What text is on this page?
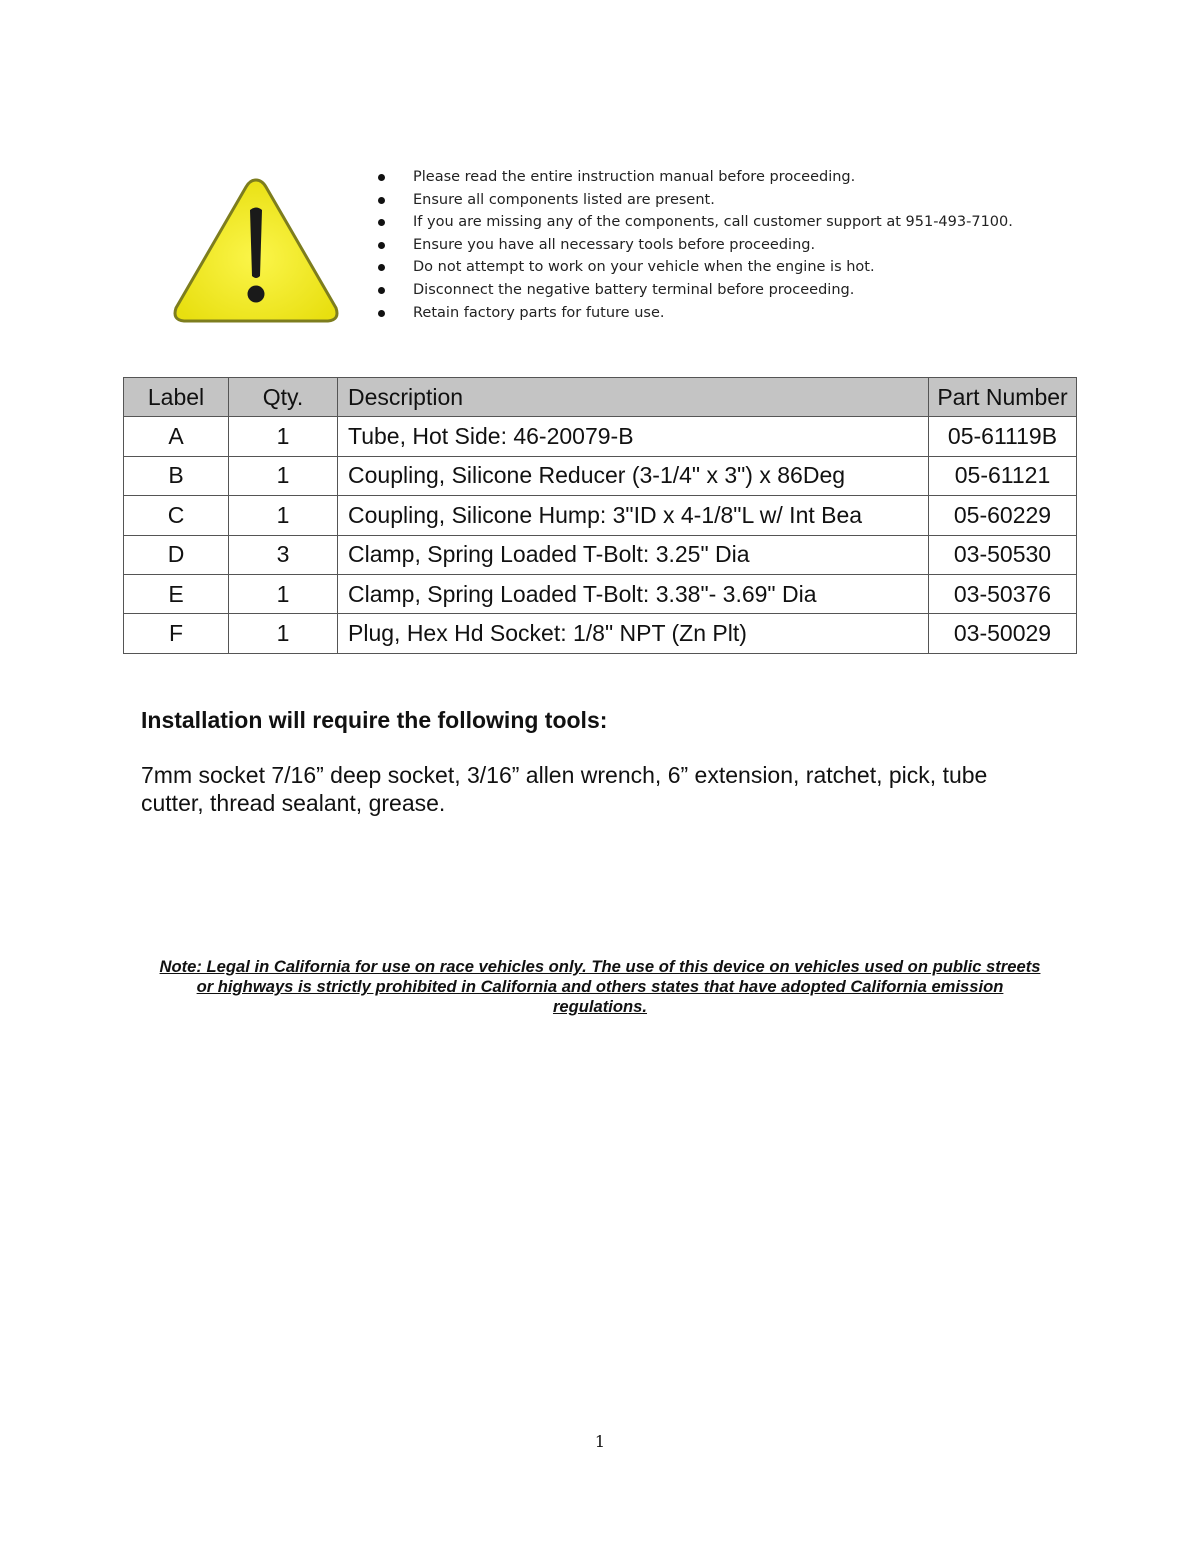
Please read the entire instruction manual before proceeding.
Ensure all components listed are present.
If you are missing any of the components, call customer support at 951-493-7100.
Ensure you have all necessary tools before proceeding.
Do not attempt to work on your vehicle when the engine is hot.
Disconnect the negative battery terminal before proceeding.
Retain factory parts for future use.
Label	Qty.	Description	Part Number
A	1	Tube, Hot Side: 46-20079-B	05-61119B
B	1	Coupling, Silicone Reducer (3-1/4" x 3") x 86Deg	05-61121
C	1	Coupling, Silicone Hump: 3"ID x 4-1/8"L w/ Int Bea	05-60229
D	3	Clamp, Spring Loaded T-Bolt: 3.25" Dia	03-50530
E	1	Clamp, Spring Loaded T-Bolt: 3.38"- 3.69" Dia	03-50376
F	1	Plug, Hex Hd Socket: 1/8" NPT (Zn Plt)	03-50029
Installation will require the following tools:

7mm socket 7/16” deep socket, 3/16” allen wrench, 6” extension, ratchet, pick, tube cutter, thread sealant, grease.

Note: Legal in California for use on race vehicles only. The use of this device on vehicles used on public streets or highways is strictly prohibited in California and others states that have adopted California emission regulations.

1
